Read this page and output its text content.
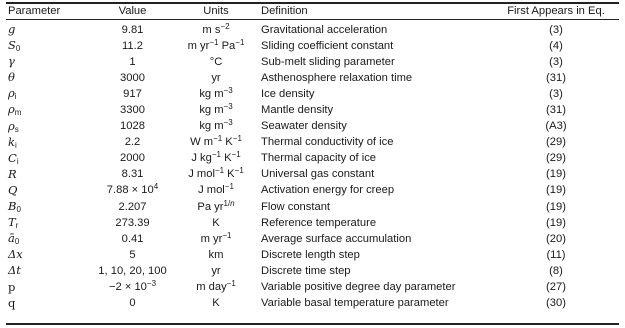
Parameter	Value	Units	Definition	First Appears in Eq.
g	9.81	m $s^{-2}$	Gravitational acceleration	(3)
$S_0$	11.2	m $yr^{-1}$ $Pa^{-1}$	Sliding coefficient constant	(4)
γ	1	°C	Sub-melt sliding parameter	(3)
θ	3000	yr	Asthenosphere relaxation time	(31)
$\rho_i$	917	kg $m^{-3}$	Ice density	(3)
$\rho_m$	3300	kg $m^{-3}$	Mantle density	(31)
$\rho_s$	1028	kg $m^{-3}$	Seawater density	(A3)
$k_i$	2.2	W $m^{-1}$ $K^{-1}$	Thermal conductivity of ice	(29)
$C_i$	2000	J $kg^{-1}$ $K^{-1}$	Thermal capacity of ice	(29)
R	8.31	J mol$^{-1}$ $K^{-1}$	Universal gas constant	(19)
Q	$7.88 \times 10^4$	J mol$^{-1}$	Activation energy for creep	(19)
$B_0$	2.207	Pa $yr^{1/n}$	Flow constant	(19)
$T_r$	273.39	K	Reference temperature	(19)
$ā_0$	0.41	m $yr^{-1}$	Average surface accumulation	(20)
Δx	5	km	Discrete length step	(11)
Δt	1, 10, 20, 100	yr	Discrete time step	(8)
p	$-2 \times 10^{-3}$	m day$^{-1}$	Variable positive degree day parameter	(27)
q	0	K	Variable basal temperature parameter	(30)
